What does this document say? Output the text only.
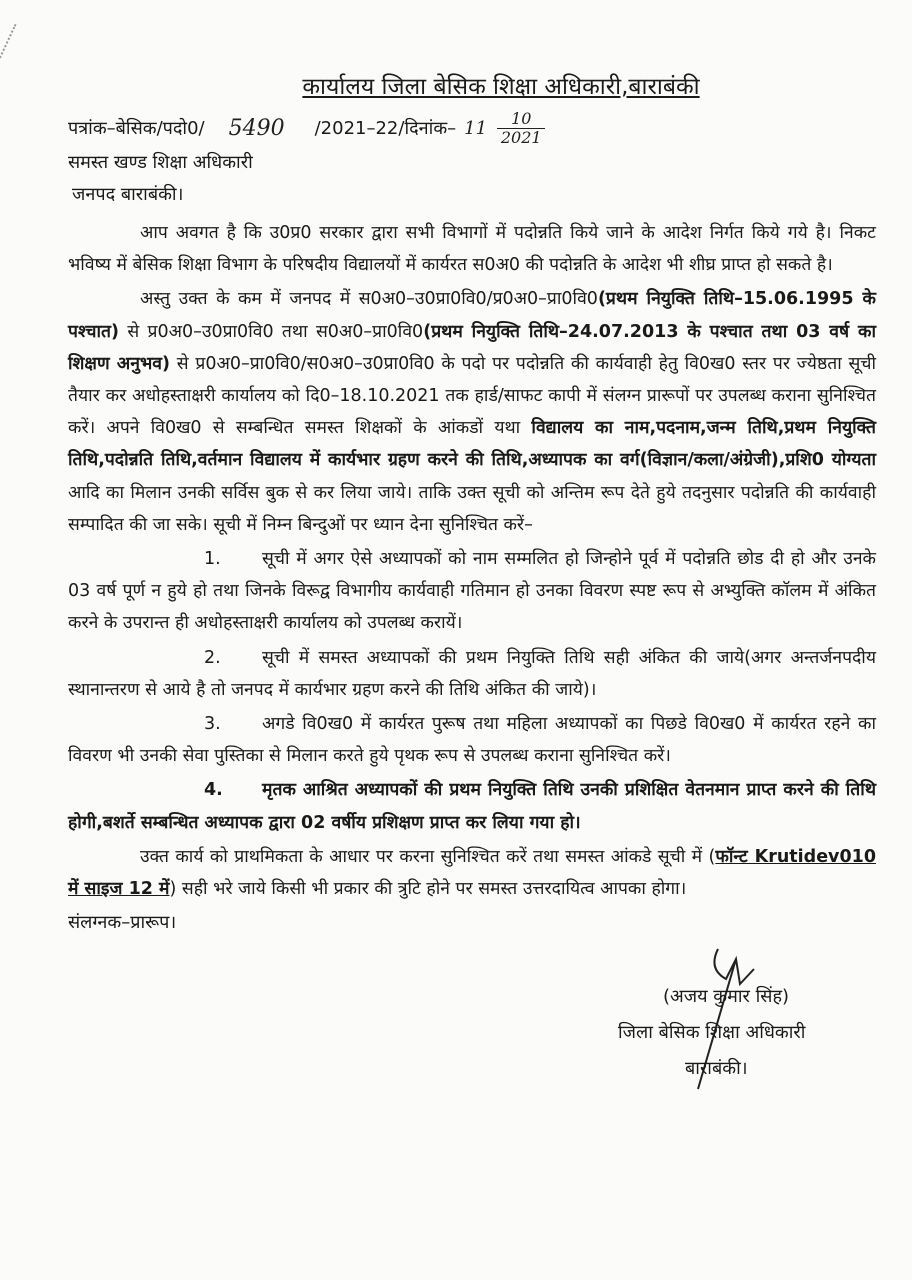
कार्यालय जिला बेसिक शिक्षा अधिकारी,बाराबंकी
पत्रांक–बेसिक/पदो0/ 5490 /2021–22/दिनांक– $11 \frac{10}{2021}$
समस्त खण्ड शिक्षा अधिकारी
जनपद बाराबंकी।
आप अवगत है कि उ0प्र0 सरकार द्वारा सभी विभागों में पदोन्नति किये जाने के आदेश निर्गत किये गये है। निकट भविष्य में बेसिक शिक्षा विभाग के परिषदीय विद्यालयों में कार्यरत स0अ0 की पदोन्नति के आदेश भी शीघ्र प्राप्त हो सकते है।
अस्तु उक्त के कम में जनपद में स0अ0–उ0प्रा0वि0/प्र0अ0–प्रा0वि0(प्रथम नियुक्ति तिथि–15.06.1995 के पश्चात) से प्र0अ0–उ0प्रा0वि0 तथा स0अ0–प्रा0वि0(प्रथम नियुक्ति तिथि–24.07.2013 के पश्चात तथा 03 वर्ष का शिक्षण अनुभव) से प्र0अ0–प्रा0वि0/स0अ0–उ0प्रा0वि0 के पदो पर पदोन्नति की कार्यवाही हेतु वि0ख0 स्तर पर ज्येष्ठता सूची तैयार कर अधोहस्ताक्षरी कार्यालय को दि0–18.10.2021 तक हार्ड/साफट कापी में संलग्न प्रारूपों पर उपलब्ध कराना सुनिश्चित करें। अपने वि0ख0 से सम्बन्धित समस्त शिक्षकों के आंकडों यथा विद्यालय का नाम,पदनाम,जन्म तिथि,प्रथम नियुक्ति तिथि,पदोन्नति तिथि,वर्तमान विद्यालय में कार्यभार ग्रहण करने की तिथि,अध्यापक का वर्ग(विज्ञान/कला/अंग्रेजी),प्रशि0 योग्यता आदि का मिलान उनकी सर्विस बुक से कर लिया जाये। ताकि उक्त सूची को अन्तिम रूप देते हुये तदनुसार पदोन्नति की कार्यवाही सम्पादित की जा सके। सूची में निम्न बिन्दुओं पर ध्यान देना सुनिश्चित करें–
1. सूची में अगर ऐसे अध्यापकों को नाम सम्मलित हो जिन्होने पूर्व में पदोन्नति छोड दी हो और उनके 03 वर्ष पूर्ण न हुये हो तथा जिनके विरूद्व विभागीय कार्यवाही गतिमान हो उनका विवरण स्पष्ट रूप से अभ्युक्ति कॉलम में अंकित करने के उपरान्त ही अधोहस्ताक्षरी कार्यालय को उपलब्ध करायें।
2. सूची में समस्त अध्यापकों की प्रथम नियुक्ति तिथि सही अंकित की जाये(अगर अन्तर्जनपदीय स्थानान्तरण से आये है तो जनपद में कार्यभार ग्रहण करने की तिथि अंकित की जाये)।
3. अगडे वि0ख0 में कार्यरत पुरूष तथा महिला अध्यापकों का पिछडे वि0ख0 में कार्यरत रहने का विवरण भी उनकी सेवा पुस्तिका से मिलान करते हुये पृथक रूप से उपलब्ध कराना सुनिश्चित करें।
4. मृतक आश्रित अध्यापकों की प्रथम नियुक्ति तिथि उनकी प्रशिक्षित वेतनमान प्राप्त करने की तिथि होगी,बशर्ते सम्बन्धित अध्यापक द्वारा 02 वर्षीय प्रशिक्षण प्राप्त कर लिया गया हो।
उक्त कार्य को प्राथमिकता के आधार पर करना सुनिश्चित करें तथा समस्त आंकडे सूची में (फॉन्ट Krutidev010 में साइज 12 में) सही भरे जाये किसी भी प्रकार की त्रुटि होने पर समस्त उत्तरदायित्व आपका होगा।
संलग्नक–प्रारूप।
(अजय कुमार सिंह)
जिला बेसिक शिक्षा अधिकारी
बाराबंकी।
